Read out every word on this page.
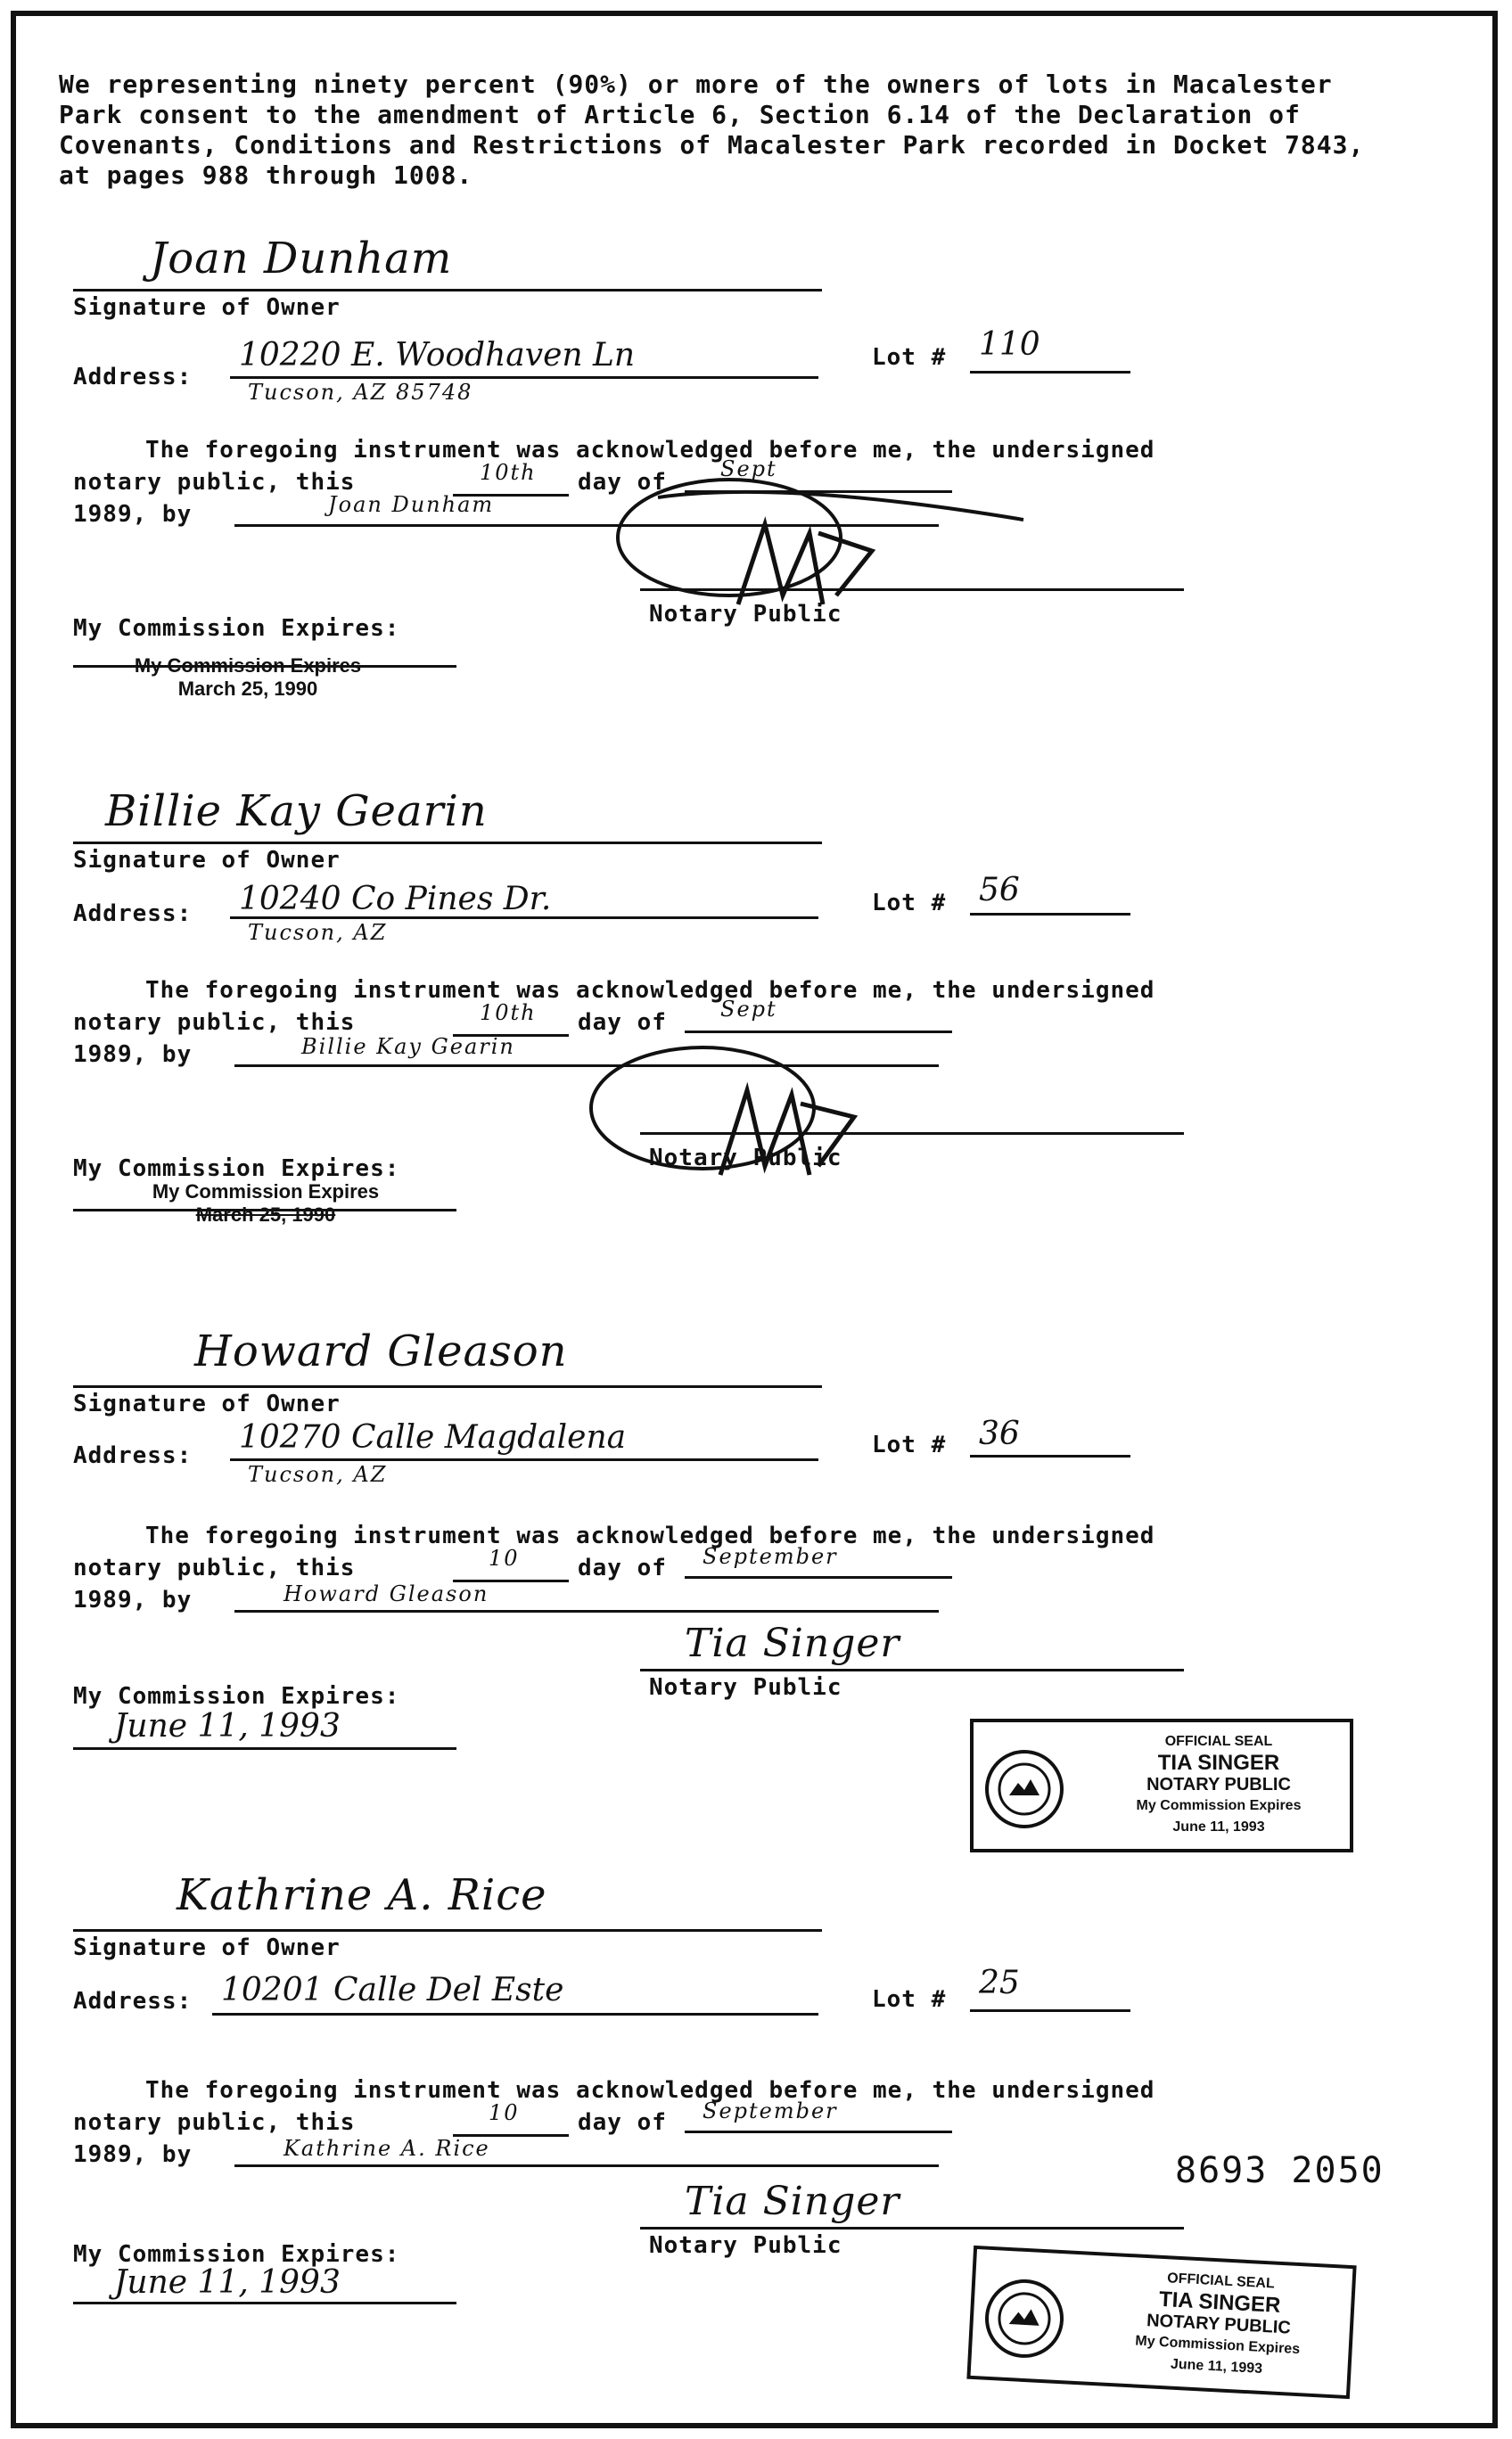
We representing ninety percent (90%) or more of the owners of lots in Macalester Park consent to the amendment of Article 6, Section 6.14 of the Declaration of Covenants, Conditions and Restrictions of Macalester Park recorded in Docket 7843, at pages 988 through 1008.
Joan Dunham
Signature of Owner
Address:
10220 E. Woodhaven Ln
Tucson, AZ 85748
Lot # 110
The foregoing instrument was acknowledged before me, the undersigned
notary public, this	10th day of	Sept
1989, by	Joan Dunham
Notary Public
My Commission Expires:
My Commission Expires
March 25, 1990
Billie Kay Gearin
Signature of Owner
Address: 10240 Co Pines Dr.
Tucson, AZ
Lot # 56
The foregoing instrument was acknowledged before me, the undersigned
notary public, this	10th day of	Sept
1989, by	Billie Kay Gearin
Notary Public
My Commission Expires:
My Commission Expires
March 25, 1990
Howard Gleason
Signature of Owner
Address: 10270 Calle Magdalena
Tucson, AZ
Lot # 36
The foregoing instrument was acknowledged before me, the undersigned
notary public, this	10	day of September
1989, by	Howard Gleason
Tia Singer
Notary Public
My Commission Expires:
June 11, 1993	OFFICIAL SEAL
TIA SINGER
NOTARY PUBLIC
My Commission Expires
June 11, 1993
Kathrine A. Rice
Signature of Owner
Address: 10201 Calle Del Este	Lot # 25
The foregoing instrument was acknowledged before me, the undersigned
notary public, this	10	day of September
1989, by	Kathrine A. Rice
8693 2050
Tia Singer
Notary Public
My Commission Expires:
June 11, 1993	OFFICIAL SEAL
TIA SINGER
NOTARY PUBLIC
My Commission Expires
June 11, 1993
